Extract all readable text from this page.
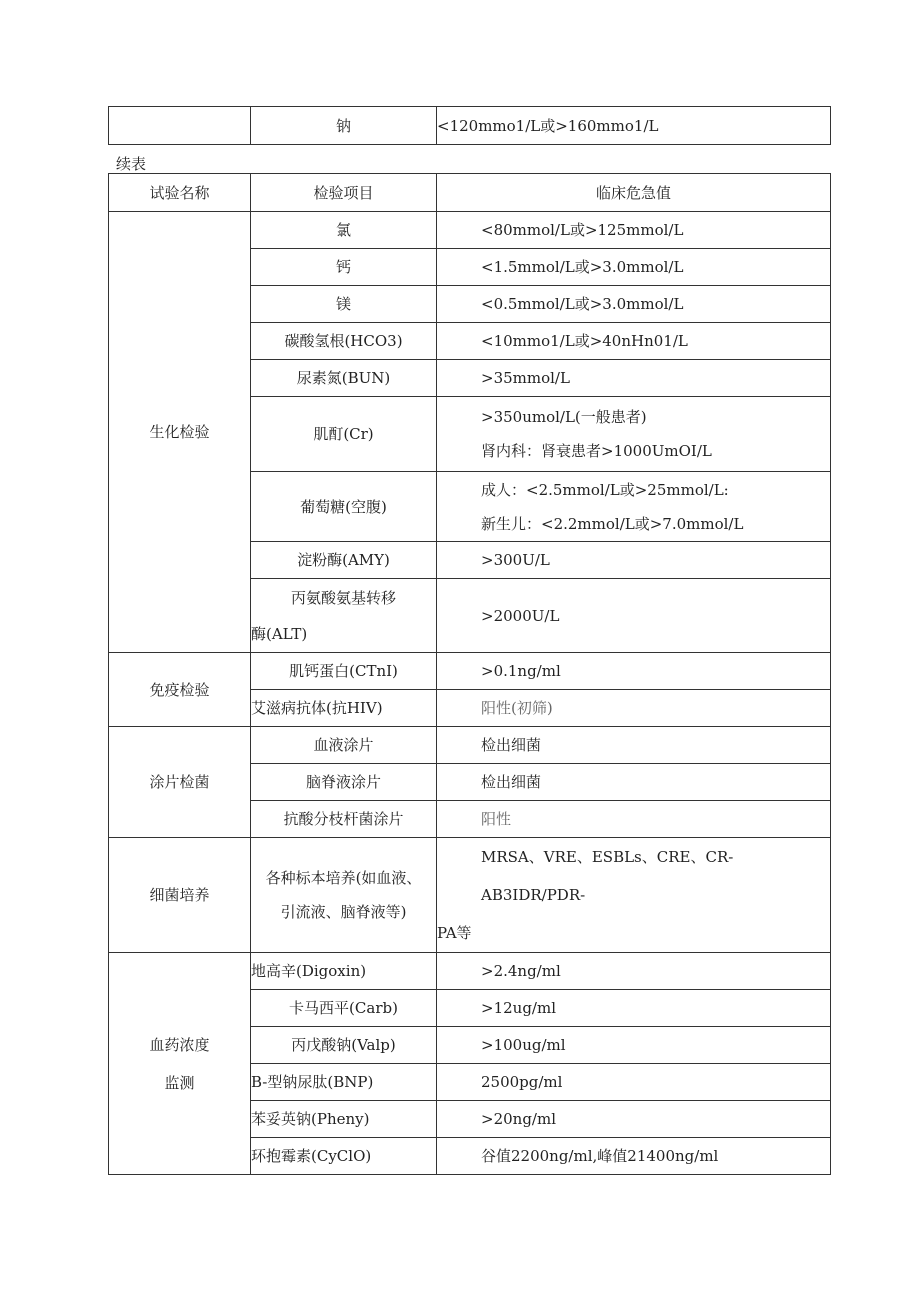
	钠	<120mmo1/L或>160mmo1/L
续表
试验名称	检验项目	临床危急值
生化检验	氯	<80mmol/L或>125mmol/L
	钙	<1.5mmol/L或>3.0mmol/L
	镁	<0.5mmol/L或>3.0mmol/L
	碳酸氢根(HCO3)	<10mmo1/L或>40nHn01/L
	尿素氮(BUN)	>35mmol/L
	肌酊(Cr)	>350umol/L(一般患者)
肾内科：肾衰患者>1000UmOI/L

	葡萄糖(空腹)	成人：<2.5mmol/L或>25mmol/L:
新生儿：<2.2mmol/L或>7.0mmol/L

	淀粉酶(AMY)	>300U/L

	丙氨酸氨基转移
酶(ALT)	>2000U/L
免疫检验	肌钙蛋白(CTnI)	>0.1ng/ml
	艾滋病抗体(抗HIV)	阳性(初筛)
涂片检菌	血液涂片	检出细菌
	脑脊液涂片	检出细菌
	抗酸分枝杆菌涂片	阳性
细菌培养	各种标本培养(如血液、
引流液、脑脊液等)	MRSA、VRE、ESBLs、CRE、CR-AB3IDR/PDR-
PA等

血药浓度
监测	地高辛(Digoxin)	>2.4ng/ml
	卡马西平(Carb)	>12ug/ml
	丙戊酸钠(Valp)	>100ug/ml
	B-型钠尿肽(BNP)	2500pg/ml
	苯妥英钠(Pheny)	>20ng/ml
	环抱霉素(CyClO)	谷值2200ng/ml,峰值21400ng/ml
